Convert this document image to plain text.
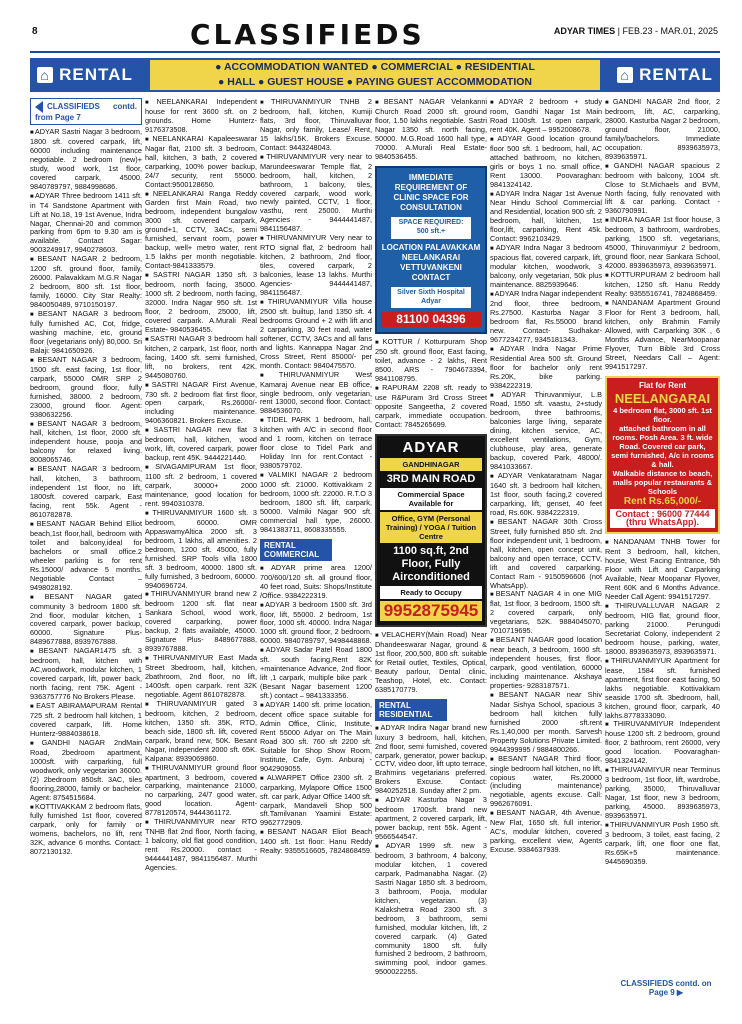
8	CLASSIFIEDS	ADYAR TIMES | FEB.23 - MAR.01, 2025
⌂ RENTAL	● ACCOMMODATION WANTED ● COMMERCIAL ● RESIDENTIAL
● HALL ● GUEST HOUSE ● PAYING GUEST ACCOMMODATION	⌂ RENTAL
CLASSIFIEDS contd. from Page 7

■ ADYAR Sastri Nagar 3 bedroom, 1800 sft. covered carpark, lift, 60000 including maintenance negotiable. 2 bedroom (new)+ study, wood work, 1st floor, covered carpark, 45000. 9840789797, 9884998686.

■ ADYAR Three bedroom 1411 sft. in T4 Sandstone Apartment with Lift at No.18, 19 1st Avenue, Indra Nagar, Chennai-20 and common parking from 6pm to 9.30 am is available. Contact Sagar: 9003249917, 9940278603.

■ BESANT NAGAR 2 bedroom, 1200 sft. ground floor, family, 26000. Palavakkam M.G.R Nagar 2 bedroom, 800 sft. 1st floor, family, 16000. City Star Realty: 9840050489, 9710150197.

■ BESANT NAGAR 3 bedroom fully furnished AC, Cot, fridge, washing machine, etc, ground floor (vegetarians only) 80,000. Sri Balaji: 9841650926.

■ BESANT NAGAR 3 bedroom, 1500 sft. east facing, 1st floor, carpark, 55000 OMR SRP 2 bedroom, ground floor, fully furnished, 38000. 2 bedroom, 23000, ground floor. Agent: 9380632256.

■ BESANT NAGAR 3 bedroom, hall, kitchen, 1st floor, 2000 sft. independent house, pooja and balcony for relaxed living. 8008065746.

■ BESANT NAGAR 3 bedroom, hall, kitchen, 3 bathroom, independent 1st floor, no lift, 1800sft. covered carpark, East facing, rent 55k. Agent - 8610782878.

■ BESANT NAGAR Behind Elliot beach,1st floor,hall, bedroom with toilet and balcony,ideal for bachelors or small office.2 wheeler parking is for rent Rs.15000/ advance 5 months. Negotiable Contact – 9498028192.

■ BESANT NAGAR gated community 3 bedroom 1800 sft. 2nd floor, modular kitchen, 1 covered carpark, power backup, 60000. Signature Plus- 8489677888, 8939767888.

■ BESANT NAGAR1475 sft. 3 bedroom, hall, kitchen with AC,woodwork, modular kitchen, 1 covered carpark, lift, power back, north facing, rent 75K. Agent - 9363757776 No Brokers Please.

■ EAST ABIRAMAPURAM Rental 725 sft. 2 bedroom hall kitchen, 1 covered carpark, lift. Home Hunterz-9884038618.

■ GANDHI NAGAR 2ndMain Road, 2bedroom apartment, 1000sft. with carparking, full woodwork, only vegetarian 36000. (2) 2bedroom 850sft. 3AC, tiles flooring,28000, family or bachelor. Agent: 8754515684.

■ KOTTIVAKKAM 2 bedroom flats, fully furnished 1st floor, covered carpark, only for family or womens, bachelors, no lift, rent 32K, advance 6 months. Contact: 8072130132.

■ NEELANKARAI Independent house for rent 3600 sft. on 2 grounds. Home Hunterz-9176373508.

■ NEELANKARAI Kapaleeswarar Nagar flat, 2100 sft. 3 bedroom, hall, kitchen, 3 bath, 2 covered carparking, 100% power backup, 24/7 security, rent 55000. Contact:9500128650.

■ NEELANKARAI Ranga Reddy Garden first Main Road, two bedroom, independent bungalow 3000 sft. covered carpark, ground+1, CCTV, 3ACs, semi furnished, servant room, power backup, well+ metro water, rent 1.5 lakhs per month negotiable. Contact-9841333579.

■ SASTRI NAGAR 1350 sft. 3 bedroom, north facing, 35000. 1000 sft. 2 bedroom, north facing, 32000. Indra Nagar 950 sft. 1st floor, 2 bedroom, 25000, lift, covered carpark. A.Murali Real Estate- 9840536455.

■ SASTRI NAGAR 3 bedroom hall kitchen, 2 carpark, 1st floor, north facing, 1400 sft. semi furnished, lift, no brokers, rent 42K. 9445080760.

■ SASTRI NAGAR First Avenue, 730 sft. 2 bedroom flat first floor, open carpark, Rs.26000/- including maintenance. 9406360821. Brokers Excuse.

■ SASTRI NAGAR new flat 3 bedroom, hall, kitchen, wood work, lift, covered carpark, power backup, rent 45K. 9444221440.

■ SIVAGAMIPURAM 1st floor, 1100 sft. 2 bedroom, 1 covered carpark, 30000+ 2000 maintenance, good location for rent. 9940310378.

■ THIRUVANMIYUR 1600 sft. 3 bedroom, 60000. OMR AppaswamyAltica 2000 sft. 3 bedroom, 1 lakhs, all amenities. 2 bedroom, 1200 sft. 45000, fully furnished. SRP Tools villa 1800 sft. 3 bedroom, 40000. 1800 sft. fully furnished, 3 bedroom, 60000. 9940696724.

■ THIRUVANMIYUR brand new 2 bedroom 1200 sft. flat near Sankara School, wood work, covered carparking, power backup, 2 flats available, 45000. Signature Plus- 8489677888, 8939767888.

■ THIRUVANMIYUR East Mada Street 3bedroom, hall, kitchen, 2bathroom, 2nd floor, no lift, 1400sft. open carpark. rent 32K negotiable. Agent 8610782878.

■ THIRUVANMIYUR gated 3 bedroom, kitchen, 2 bedroom, kitchen, 1350 sft. 35K, RTO, beach side, 1800 sft. lift, covered carpark, brand new, 50K. Besant Nagar, independent 2000 sft. 65K. Kalpana: 8939069860.

■ THIRUVANMIYUR ground floor apartment, 3 bedroom, covered carparking, maintenance 21000, no carparking, 24/7 good water, good location. Agent- 8778120574, 9444361172.

■ THIRUVANMIYUR near RTO TNHB flat 2nd floor, North facing, 1 balcony, old flat good condition, rent Rs.20000. contact - 9444441487, 9841156487. Murthi Agencies.

■ THIRUVANMIYUR TNHB 2 bedroom, hall, kitchen, Kumiji flats, 3rd floor, Thiruvalluvar Nagar, only family, Lease/ Rent, 15 lakhs/15K. Brokers Excuse. Contact: 9443248043.

■ THIRUVANMIYUR very near to Marundeeswarar Temple flat, 2 bedroom, hall, kitchen, 2 bathroom, 1 balcony, tiles, covered carpark, wood work, newly painted, CCTV, 1 floor, vasthu, rent 25000. Murthi Agencies - 9444441487, 9841156487.

■ THIRUVANMIYUR Very near to RTO signal flat, 2 bedroom hall kitchen, 2 bathroom, 2nd floor, tiles, covered carpark, 2 balconies, lease 13 lakhs. Murthi Agencies- 9444441487, 9841156487.

■ THIRUVANMIYUR Villa house 2500 sft. builtup, land 1350 sft. 4 bedrooms Ground + 2 with lift and 2 carparking, 30 feet road, water softener, CCTV, 3ACs and all fans and lights. Kannappa Nagar 2nd Cross Street, Rent 85000/- per month. Contact: 9840475570.

■ THIRUVANMIYUR West Kamaraj Avenue near EB office, single bedroom, only vegetarian, rent 13000, second floor. Contact: 9884536070.

■ TIDEL PARK 1 bedroom, hall, kitchen with A/C in second floor and 1 room, kitchen on terrace floor close to Tidel Park and Holiday Inn for rent.Contact - 9380579702.

■ VALMIKI NAGAR 2 bedroom 1000 sft. 21000. Kottivakkam 2 bedroom, 1000 sft. 22000. R.T.O 3 bedroom, 1800 sft. lift, carpark, 50000. Valmiki Nagar 900 sft. commercial hall type, 26000. 9841383711, 8608335555.

RENTAL COMMERCIAL

■ ADYAR prime area 1200/ 700/600/120 sft. all ground floor, 40 feet road, Suits: Shops/Institute /Office. 9384222319.

■ ADYAR 3 bedroom 1500 sft. 3rd floor, lift, 55000. 2 bedroom, 1st floor, 1000 sft. 40000. Indra Nagar 1000 sft. ground floor, 2 bedroom, 60000. 9840789797, 9498448868.

■ ADYAR Sadar Patel Road 1800 sft. south facing,Rent 82K +maintenance Advance, 2nd floor, lift ,1 carpark, multiple bike park . (Besant Nagar basement 1200 sft.) contact – 9841333356.

■ ADYAR 1400 sft. prime location, decent office space suitable for Admin Office, Clinic, Institute, Rent 55000 Adyar on The Main Road 300 sft. 760 sft 2200 sft. Suitable for Shop Show Room, Institute, Cafe, Gym. Anburaj - 9042909055.

■ ALWARPET Office 2300 sft. 2 carparking, Mylapore Office 1500 sft. car park, Adyar Office 1400 sft. carpark, Mandaveli Shop 500 sft.Tamilvanan Yaamini Estate: 9962772909.

■ BESANT NAGAR Eliot Beach 1400 sft. 1st floor: Hanu Reddy Realty: 9355516605, 7824868459.

■ BESANT NAGAR Velankanni Church Road 2000 sft. ground floor, 1.50 lakhs negotiable. Sastri Nagar 1350 sft. north facing, 50000. M.G.Road 1600 hall type, 70000. A.Murali Real Estate- 9840536455.

IMMEDIATE REQUIREMENT OF CLINIC SPACE FOR CONSULTATION
SPACE REQUIRED: 500 sft.+
LOCATION PALAVAKKAM NEELANKARAI VETTUVANKENI CONTACT
Silver Sixth Hospital Adyar
81100 04396

■ KOTTUR / Kotturpuram Shop 250 sft. ground floor, East facing, toilet, advance - 2 lakhs, Rent 8500. ARS - 7904673394, 9841108795.

■ RAPURAM 2208 sft. ready to use R&Puram 3rd Cross Street opposite Sangeetha, 2 covered carpark, immediate occupation. Contact: 7845265699.

ADYAR
GANDHINAGAR
3RD MAIN ROAD
Commercial Space Available for
Office, GYM (Personal Training) / YOGA / Tuition Centre
1100 sq.ft, 2nd Floor, Fully Airconditioned
Ready to Occupy
9952875945

■ VELACHERY(Main Road) Near Dhandeeswarar Nagar, ground & 1st floor, 200,500, 800 sft. suitable for Retail outlet, Textiles, Optical, Beauty parlour, Dental clinic, Teashop, Hotel, etc. Contact: 6385170779.

RENTAL RESIDENTIAL

■ ADYAR Indira Nagar brand new luxury 3 bedroom, hall, kitchen, 2nd floor, semi furnished, covered carpark, generator, power backup, CCTV, video door, lift upto terrace, Brahmins vegetarians preferred. Brokers Excuse. Contact: 9840252518. Sunday after 2 pm.

■ ADYAR Kasturba Nagar 3 bedroom 1700sft. brand new apartment, 2 covered carpark, lift, power backup, rent 55k. Agent - 9566544547.

■ ADYAR 1999 sft. new 3 bedroom, 3 bathroom, 4 balcony, modular kitchen, 1 covered carpark, Padmanabha Nagar. (2) Sastri Nagar 1850 sft. 3 bedroom, 3 bathroom, Pooja, modular kitchen, vegetarian. (3) Kalakshetra Road 2300 sft. 3 bedroom, 3 bathroom, semi furnished, modular kitchen, lift, 2 covered carpark. (4) Gated community 1800 sft. fully furnished 2 bedroom, 2 bathroom, swimming pool, indoor games. 9500022255.

■ ADYAR 2 bedroom + study room, Gandhi Nagar 1st Main Road 1100sft. 1st open carpark, rent 40K. Agent – 9952008678.

■ ADYAR Good location ground floor 500 sft. 1 bedroom, hall, AC attached bathroom, no kitchen, girls or boys 1 no. small office, Rent 13000. Poovaraghan: 9841324142.

■ ADYAR Indra Nagar 1st Avenue Near Hindu School Commercial and Residential, location 900 sft. 2 bedroom, hall, kitchen, 1st floor,lift, carparking, Rent 45k. Contact: 9962103429.

■ ADYAR Indra Nagar 3 bedroom spacious flat, covered carpark, lift, modular kitchen, woodwork, 3 balcony, only vegetarian, 50k plus maintenance. 8825939646.

■ ADYAR Indra Nagar independent 2nd floor, three bedroom, Rs.27500. Kasturba Nagar 3 bedroom flat, Rs.55000 brand new. Contact- Sudhakar- 9677234277, 9345181343.

■ ADYAR Indra Nagar Prime Residential Area 500 sft. Ground floor for bachelor only rent Rs.20K, bike parking. 9384222319.

■ ADYAR Thiruvanmiyur, L.B Road, 1550 sft. vaastu, 2+study bedroom, three bathrooms, balconies large living, separate dining, kitchen service, AC, excellent ventilations, Gym, clubhouse, play area, generate backup, covered Park, 48000/. 9841033667.

■ ADYAR Venkataratnam Nagar 1640 sft. 3 bedroom hall kitchen, 1st floor, south facing,2 covered carparking, lift, genset, 40 feet road, Rs.60K. 9384222319.

■ BESANT NAGAR 30th Cross Street, fully furnished 850 sft. 2nd floor independent unit, 1 bedroom, hall, kitchen, open concept unit, balcony and open terrace, CCTV, lift and covered carparking. Contact Ram - 9150596606 (not WhatsApp).

■ BESANT NAGAR 4 in one MIG flat, 1st floor, 3 bedroom, 1500 sft. 2 covered carpark, only vegetarians, 52K. 9884045070, 7010719695.

■ BESANT NAGAR good location near beach, 3 bedroom, 1600 sft. independent houses, first floor, carpark, good ventilation, 60000 including maintenance. Akshaya properties- 9283187571.

■ BESANT NAGAR near Shiv Nadar Sishya School, spacious 3 bedroom hall kitchen fully furnished 2000 sft.rent Rs.1,40,000 per month. Sarvesh Property Solutions Private Limited. 9944399995 / 9884800266.

■ BESANT NAGAR Third floor, single bedroom hall kitchen, no lift, copious water, Rs.20000 (including maintenance) negotiable, agents excuse. Call: 9962676091.

■ BESANT NAGAR, 4th Avenue, New Flat, 1650 sft. full interior, AC's, modular kitchen, covered parking, excellent view, Agents Excuse. 9384637939.

■ GANDHI NAGAR 2nd floor, 2 bedroom, lift, AC, carparking, 28000. Kasturba Nagar 2 bedroom, ground floor, 21000, family/bachelors. Immediate occupation. 8939635973, 8939635971.

■ GANDHI NAGAR spacious 2 bedroom with balcony, 1004 sft. Close to St.Michaels and BVM, North facing, fully renovated with lift & car parking. Contact - 9360790991.

■ INDRA NAGAR 1st floor house, 3 bedroom, 3 bathroom, wardrobes, parking, 1500 sft. vegetarians, 45000, Thiruvanmiyur 2 bedroom, ground floor, near Sankara School, 42000. 8939635973, 8939635971.

■ KOTTURPURAM 2 bedroom hall kitchen, 1250 sft. Hanu Reddy Realty: 9355516741, 7824868459.

■ NANDANAM Apartment Ground Floor for Rent 3 bedroom, hall, kitchen, only Brahmin Family Allowed, with Carparking 30K , 6 Months Advance, NearMoopanar Flyover, Turn Bible 3rd Cross Street, Needars Call – Agent: 9941517297.

Flat for Rent
NEELANGARAI
4 bedroom flat, 3000 sft. 1st floor.
attached bathroom in all rooms. Posh Area. 3 ft. wide Road. Covered car park, semi furnished, A/c in rooms & hall.
Walkable distance to beach, malls popular restaurants & Schools
Rent Rs.65,000/-
Contact : 96000 77444 (thru WhatsApp).

■ NANDANAM TNHB Tower for Rent 3 bedroom, hall, kitchen, house, West Facing Entrance, 5th Floor with Lift and Carparking Available, Near Moopanar Flyover, Rent 60K and 6 Months Advance. Needer Call Agent: 9941517297.

■ THIRUVALLUVAR NAGAR 2 bedroom, HIG flat, ground floor, parking 21000. Perungudi Secretariat Colony, independent 2 bedroom house, parking, water, 18000. 8939635973, 8939635971.

■ THIRUVANMIYUR Apartment for lease, 1584 sft. furnished apartment, first floor east facing, 50 lakhs negotiable. Kottivakkam seaside 1700 sft. 3bedroom, hall, kitchen, ground floor, carpark, 40 lakhs.8778333090.

■ THIRUVANMIYUR Independent house 1200 sft. 2 bedroom, ground floor, 2 bathroom, rent 26000, very good location. Poovaraghan- 9841324142.

■ THIRUVANMIYUR near Terminus 3 bedroom, 1st floor, lift, wardrobe, parking, 35000, Thiruvalluvar Nagar, 1st floor, new 3 bedroom, parking, 45000. 8939635973, 8939635971.

■ THIRUVANMIYUR Posh 1950 sft. 3 bedroom, 3 toilet, east facing, 2 carpark, lift, one floor one flat, Rs.65K+5 maintenance. 9445690359.

CLASSIFIEDS contd. on Page 9 ▶
